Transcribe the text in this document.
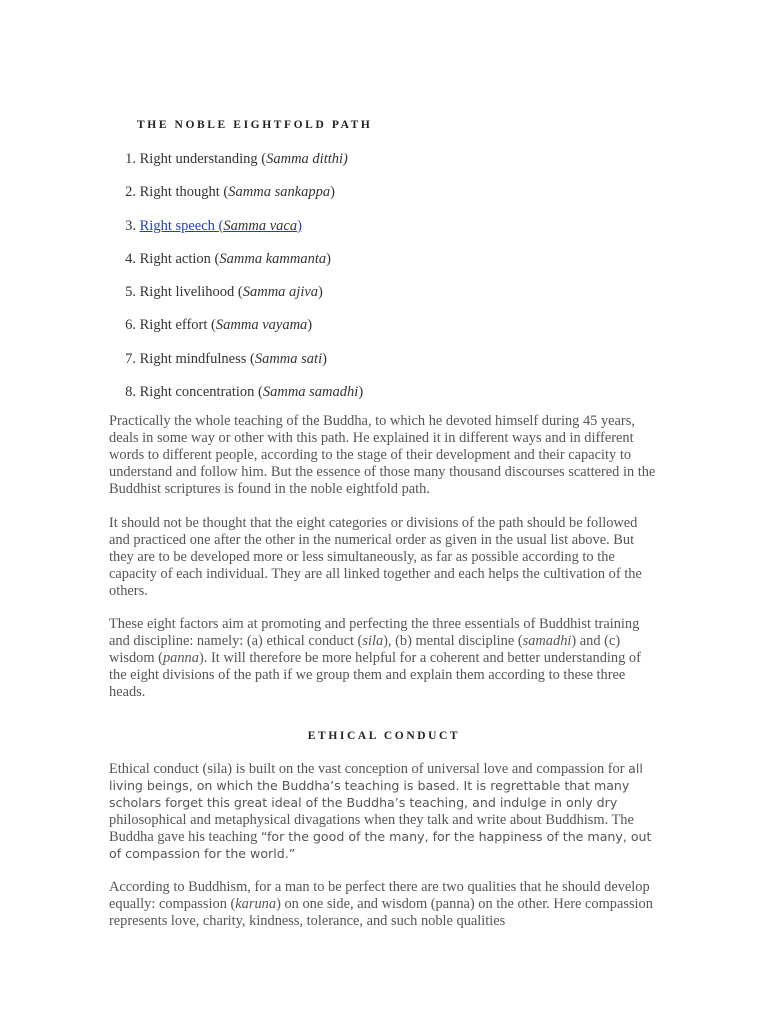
THE NOBLE EIGHTFOLD PATH
1. Right understanding (Samma ditthi)
2. Right thought (Samma sankappa)
3. Right speech (Samma vaca)
4. Right action (Samma kammanta)
5. Right livelihood (Samma ajiva)
6. Right effort (Samma vayama)
7. Right mindfulness (Samma sati)
8. Right concentration (Samma samadhi)

Practically the whole teaching of the Buddha, to which he devoted himself during 45 years, deals in some way or other with this path. He explained it in different ways and in different words to different people, according to the stage of their development and their capacity to understand and follow him. But the essence of those many thousand discourses scattered in the Buddhist scriptures is found in the noble eightfold path.

It should not be thought that the eight categories or divisions of the path should be followed and practiced one after the other in the numerical order as given in the usual list above. But they are to be developed more or less simultaneously, as far as possible according to the capacity of each individual. They are all linked together and each helps the cultivation of the others.

These eight factors aim at promoting and perfecting the three essentials of Buddhist training and discipline: namely: (a) ethical conduct (sila), (b) mental discipline (samadhi) and (c) wisdom (panna). It will therefore be more helpful for a coherent and better understanding of the eight divisions of the path if we group them and explain them according to these three heads.

ETHICAL CONDUCT

Ethical conduct (sila) is built on the vast conception of universal love and compassion for all living beings, on which the Buddha’s teaching is based. It is regrettable that many scholars forget this great ideal of the Buddha’s teaching, and indulge in only dry philosophical and metaphysical divagations when they talk and write about Buddhism. The Buddha gave his teaching “for the good of the many, for the happiness of the many, out of compassion for the world.”

According to Buddhism, for a man to be perfect there are two qualities that he should develop equally: compassion (karuna) on one side, and wisdom (panna) on the other. Here compassion represents love, charity, kindness, tolerance, and such noble qualities
